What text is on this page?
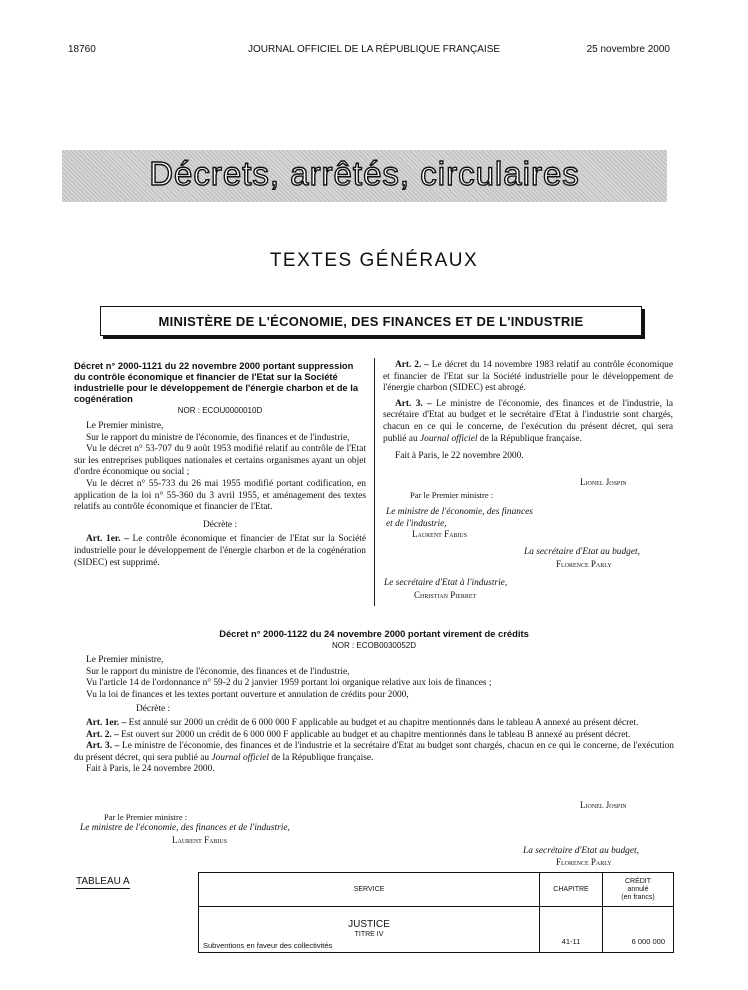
18760	JOURNAL OFFICIEL DE LA RÉPUBLIQUE FRANÇAISE	25 novembre 2000
Décrets, arrêtés, circulaires
TEXTES GÉNÉRAUX
MINISTÈRE DE L'ÉCONOMIE, DES FINANCES ET DE L'INDUSTRIE
Décret n° 2000-1121 du 22 novembre 2000 portant suppression du contrôle économique et financier de l'Etat sur la Société industrielle pour le développement de l'énergie charbon et de la cogénération
NOR : ECOU0000010D

Le Premier ministre,

Sur le rapport du ministre de l'économie, des finances et de l'industrie,

Vu le décret n° 53-707 du 9 août 1953 modifié relatif au contrôle de l'Etat sur les entreprises publiques nationales et certains organismes ayant un objet d'ordre économique ou social ;

Vu le décret n° 55-733 du 26 mai 1955 modifié portant codification, en application de la loi n° 55-360 du 3 avril 1955, et aménagement des textes relatifs au contrôle économique et financier de l'Etat.

Décrète :

Art. 1er. – Le contrôle économique et financier de l'Etat sur la Société industrielle pour le développement de l'énergie charbon et de la cogénération (SIDEC) est supprimé.

Art. 2. – Le décret du 14 novembre 1983 relatif au contrôle économique et financier de l'Etat sur la Société industrielle pour le développement de l'énergie charbon (SIDEC) est abrogé.

Art. 3. – Le ministre de l'économie, des finances et de l'industrie, la secrétaire d'Etat au budget et le secrétaire d'Etat à l'industrie sont chargés, chacun en ce qui le concerne, de l'exécution du présent décret, qui sera publié au Journal officiel de la République française.

Fait à Paris, le 22 novembre 2000.

Lionel Jospin
Par le Premier ministre :
Le ministre de l'économie, des finances et de l'industrie,
Laurent Fabius
La secrétaire d'Etat au budget,
Florence Parly
Le secrétaire d'Etat à l'industrie,
Christian Pierret
Décret n° 2000-1122 du 24 novembre 2000 portant virement de crédits
NOR : ECOB0030052D

Le Premier ministre,

Sur le rapport du ministre de l'économie, des finances et de l'industrie,

Vu l'article 14 de l'ordonnance n° 59-2 du 2 janvier 1959 portant loi organique relative aux lois de finances ;

Vu la loi de finances et les textes portant ouverture et annulation de crédits pour 2000,

Décrète :

Art. 1er. – Est annulé sur 2000 un crédit de 6 000 000 F applicable au budget et au chapitre mentionnés dans le tableau A annexé au présent décret.

Art. 2. – Est ouvert sur 2000 un crédit de 6 000 000 F applicable au budget et au chapitre mentionnés dans le tableau B annexé au présent décret.

Art. 3. – Le ministre de l'économie, des finances et de l'industrie et la secrétaire d'Etat au budget sont chargés, chacun en ce qui le concerne, de l'exécution du présent décret, qui sera publié au Journal officiel de la République française.

Fait à Paris, le 24 novembre 2000.

Lionel Jospin
Par le Premier ministre :
Le ministre de l'économie, des finances et de l'industrie,
Laurent Fabius
La secrétaire d'Etat au budget,
Florence Parly
TABLEAU A
SERVICE	CHAPITRE	CRÉDIT
annulé
(en francs)

JUSTICE
TITRE IV
Subventions en faveur des collectivités	41-11	6 000 000
